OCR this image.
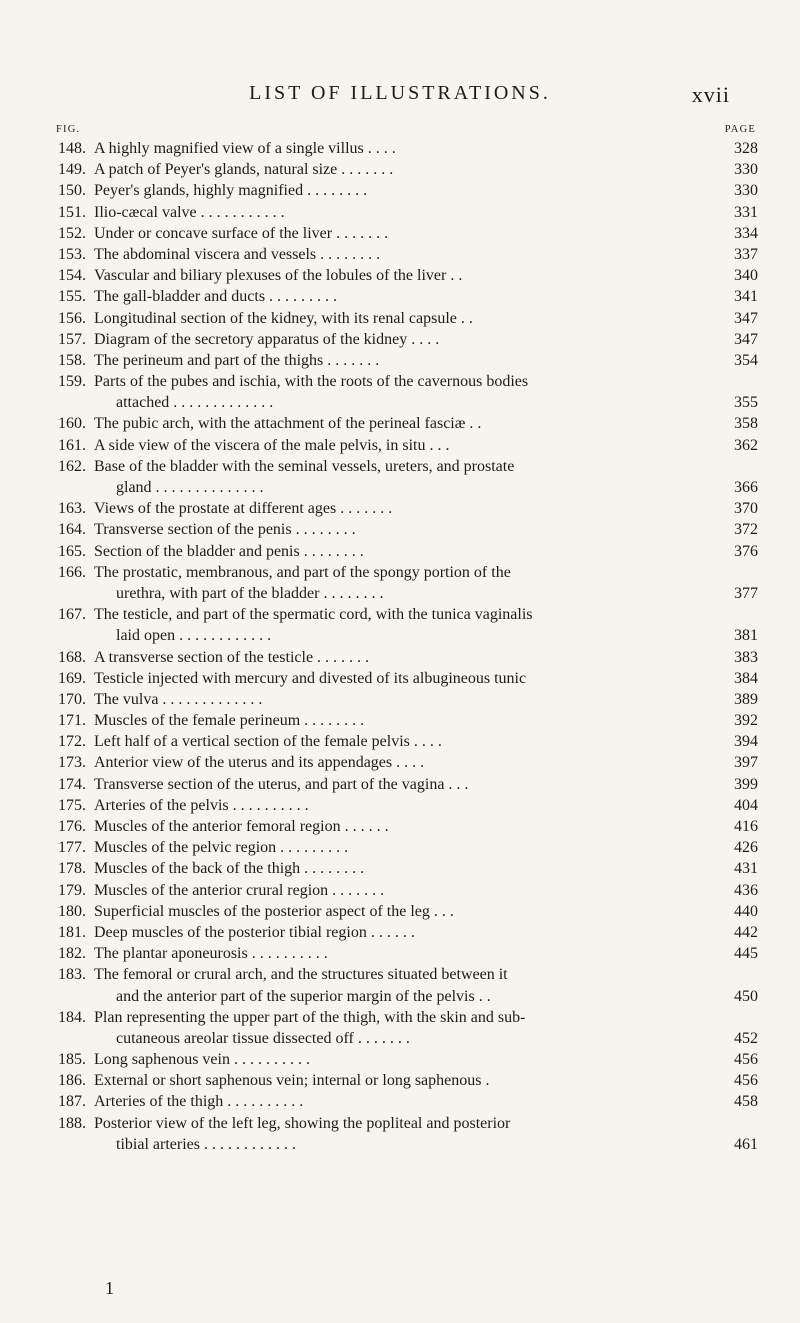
LIST OF ILLUSTRATIONS.	xvii
FIG.	PAGE
148. A highly magnified view of a single villus . . . .	328
149. A patch of Peyer's glands, natural size . . . . . . .	330
150. Peyer's glands, highly magnified . . . . . . . .	330
151. Ilio-cæcal valve . . . . . . . . . . .	331
152. Under or concave surface of the liver . . . . . . .	334
153. The abdominal viscera and vessels . . . . . . . .	337
154. Vascular and biliary plexuses of the lobules of the liver . .	340
155. The gall-bladder and ducts . . . . . . . . .	341
156. Longitudinal section of the kidney, with its renal capsule . .	347
157. Diagram of the secretory apparatus of the kidney . . . .	347
158. The perineum and part of the thighs . . . . . . .	354
159. Parts of the pubes and ischia, with the roots of the cavernous bodies
attached . . . . . . . . . . . . .	355
160. The pubic arch, with the attachment of the perineal fasciæ . .	358
161. A side view of the viscera of the male pelvis, in situ . . .	362
162. Base of the bladder with the seminal vessels, ureters, and prostate
gland . . . . . . . . . . . . . .	366
163. Views of the prostate at different ages . . . . . . .	370
164. Transverse section of the penis . . . . . . . .	372
165. Section of the bladder and penis . . . . . . . .	376
166. The prostatic, membranous, and part of the spongy portion of the
urethra, with part of the bladder . . . . . . . .	377
167. The testicle, and part of the spermatic cord, with the tunica vaginalis
laid open . . . . . . . . . . . .	381
168. A transverse section of the testicle . . . . . . .	383
169. Testicle injected with mercury and divested of its albugineous tunic	384
170. The vulva . . . . . . . . . . . . .	389
171. Muscles of the female perineum . . . . . . . .	392
172. Left half of a vertical section of the female pelvis . . . .	394
173. Anterior view of the uterus and its appendages . . . .	397
174. Transverse section of the uterus, and part of the vagina . . .	399
175. Arteries of the pelvis . . . . . . . . . .	404
176. Muscles of the anterior femoral region . . . . . .	416
177. Muscles of the pelvic region . . . . . . . . .	426
178. Muscles of the back of the thigh . . . . . . . .	431
179. Muscles of the anterior crural region . . . . . . .	436
180. Superficial muscles of the posterior aspect of the leg . . .	440
181. Deep muscles of the posterior tibial region . . . . . .	442
182. The plantar aponeurosis . . . . . . . . . .	445
183. The femoral or crural arch, and the structures situated between it
and the anterior part of the superior margin of the pelvis . .	450
184. Plan representing the upper part of the thigh, with the skin and sub-
cutaneous areolar tissue dissected off . . . . . . .	452
185. Long saphenous vein . . . . . . . . . .	456
186. External or short saphenous vein; internal or long saphenous .	456
187. Arteries of the thigh . . . . . . . . . .	458
188. Posterior view of the left leg, showing the popliteal and posterior
tibial arteries . . . . . . . . . . . .	461
1
